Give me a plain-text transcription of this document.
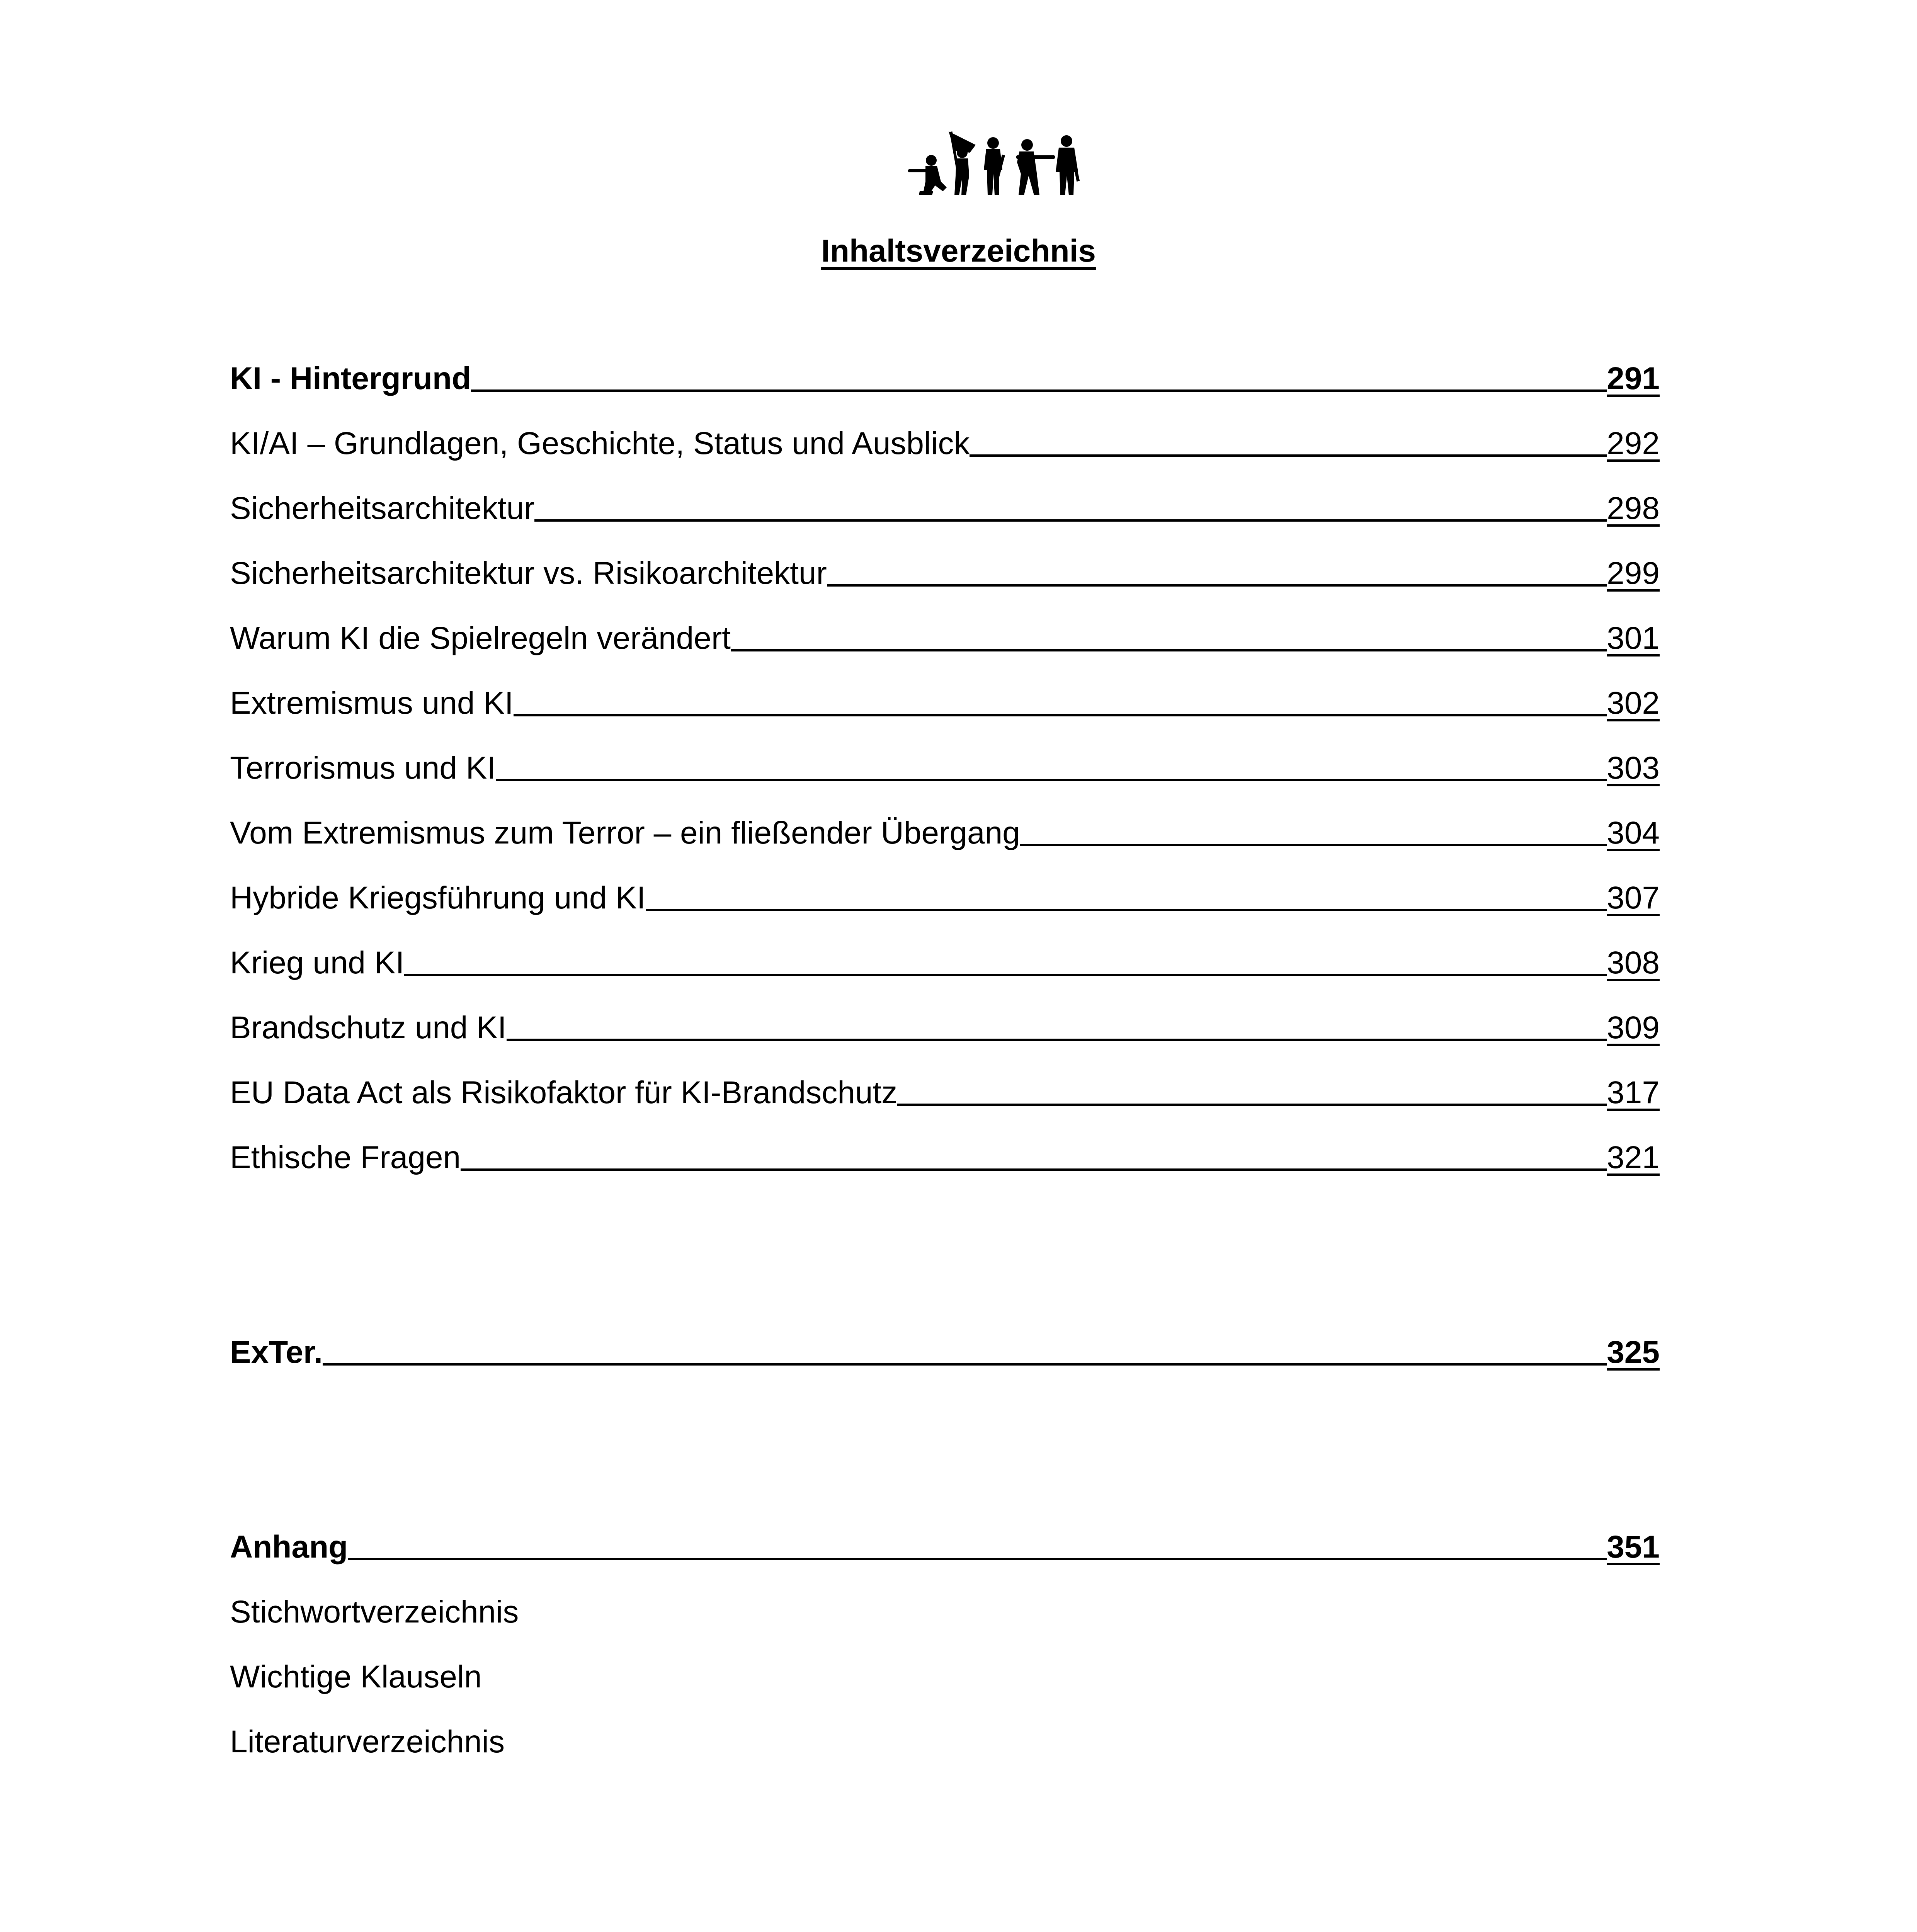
Inhaltsverzeichnis
KI - Hintergrund	291
KI/AI – Grundlagen, Geschichte, Status und Ausblick	292
Sicherheitsarchitektur	298
Sicherheitsarchitektur vs. Risikoarchitektur	299
Warum KI die Spielregeln verändert	301
Extremismus und KI	302
Terrorismus und KI	303
Vom Extremismus zum Terror – ein fließender Übergang	304
Hybride Kriegsführung und KI	307
Krieg und KI	308
Brandschutz und KI	309
EU Data Act als Risikofaktor für KI-Brandschutz	317
Ethische Fragen	321
ExTer.	325
Anhang	351
Stichwortverzeichnis
Wichtige Klauseln
Literaturverzeichnis
